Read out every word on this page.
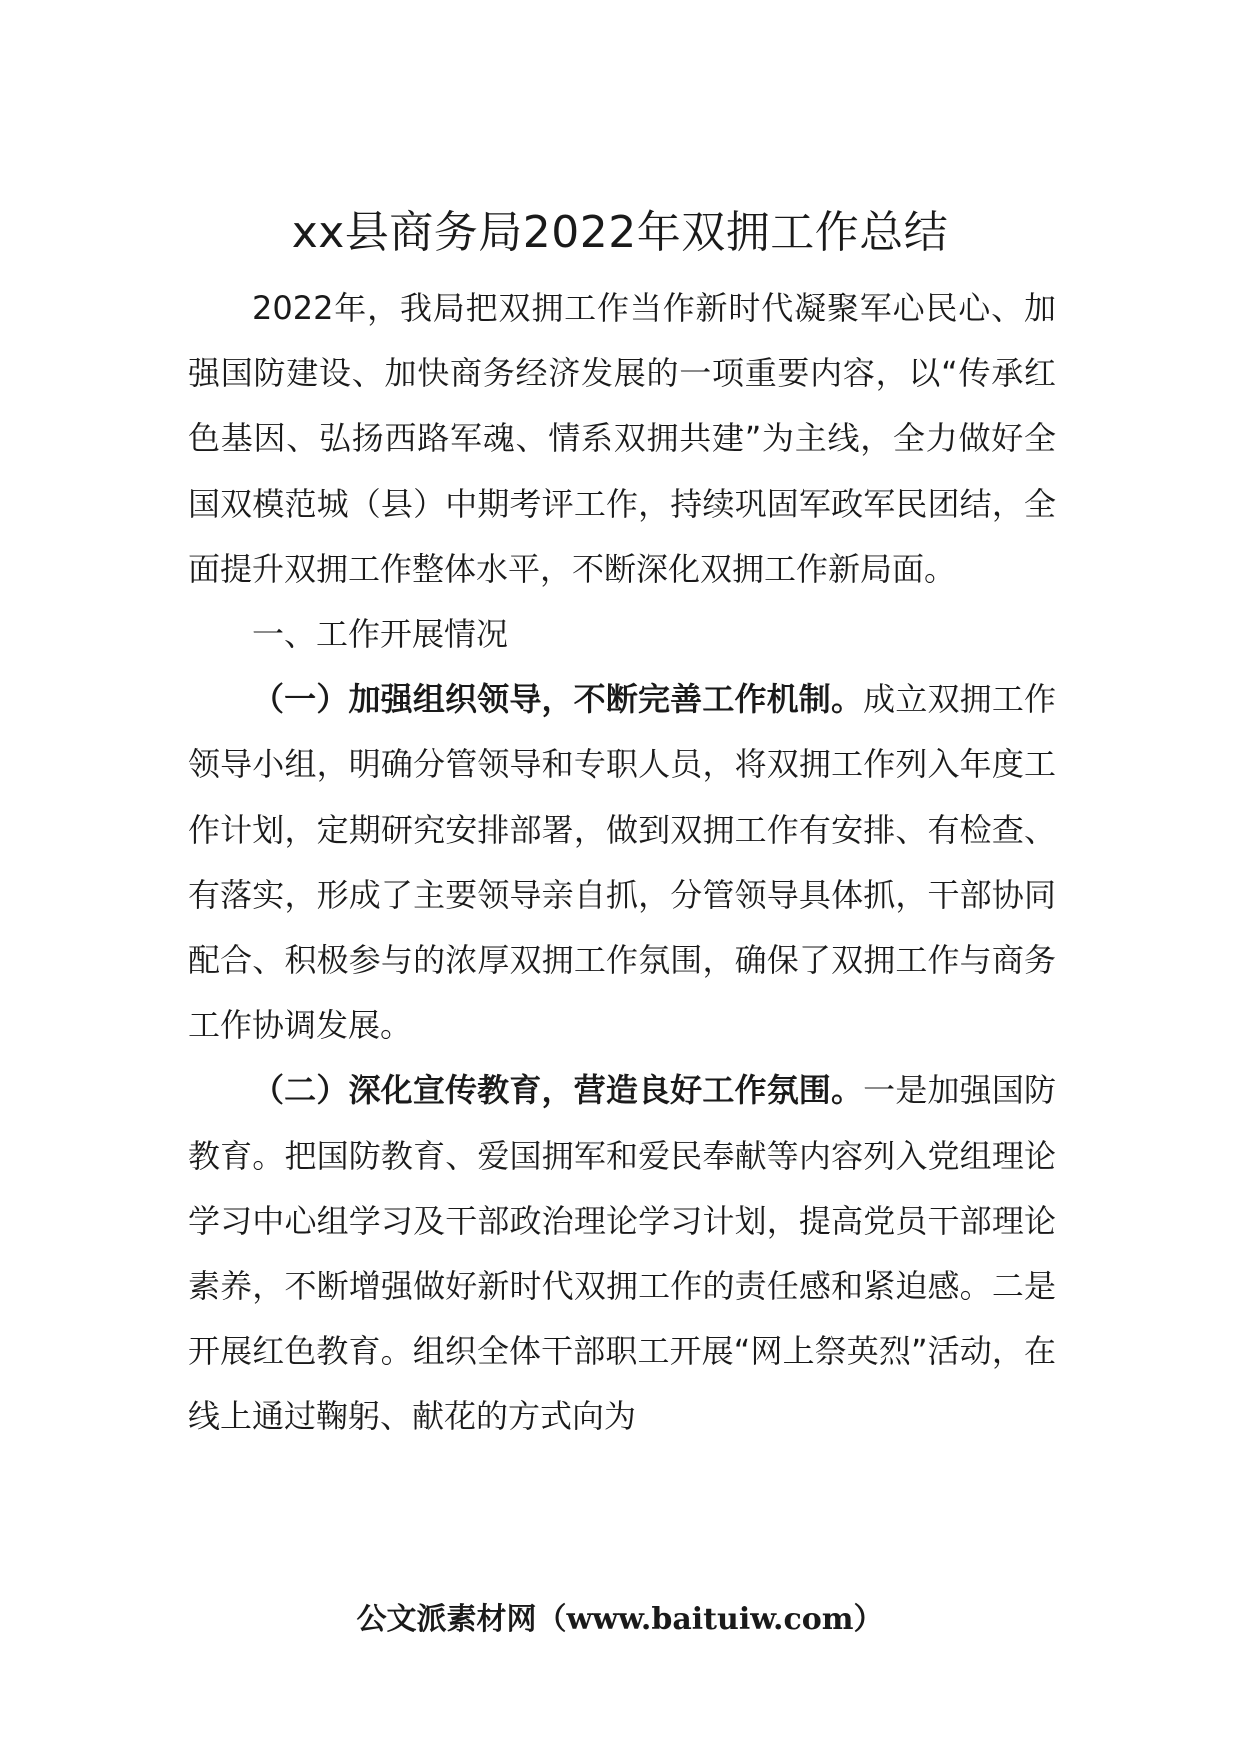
xx县商务局2022年双拥工作总结

2022年，我局把双拥工作当作新时代凝聚军心民心、加强国防建设、加快商务经济发展的一项重要内容，以“传承红色基因、弘扬西路军魂、情系双拥共建”为主线，全力做好全国双模范城（县）中期考评工作，持续巩固军政军民团结，全面提升双拥工作整体水平，不断深化双拥工作新局面。

一、工作开展情况

（一）加强组织领导，不断完善工作机制。成立双拥工作领导小组，明确分管领导和专职人员，将双拥工作列入年度工作计划，定期研究安排部署，做到双拥工作有安排、有检查、有落实，形成了主要领导亲自抓，分管领导具体抓，干部协同配合、积极参与的浓厚双拥工作氛围，确保了双拥工作与商务工作协调发展。

（二）深化宣传教育，营造良好工作氛围。一是加强国防教育。把国防教育、爱国拥军和爱民奉献等内容列入党组理论学习中心组学习及干部政治理论学习计划，提高党员干部理论素养，不断增强做好新时代双拥工作的责任感和紧迫感。二是开展红色教育。组织全体干部职工开展“网上祭英烈”活动，在线上通过鞠躬、献花的方式向为

公文派素材网（www.baituiw.com）
